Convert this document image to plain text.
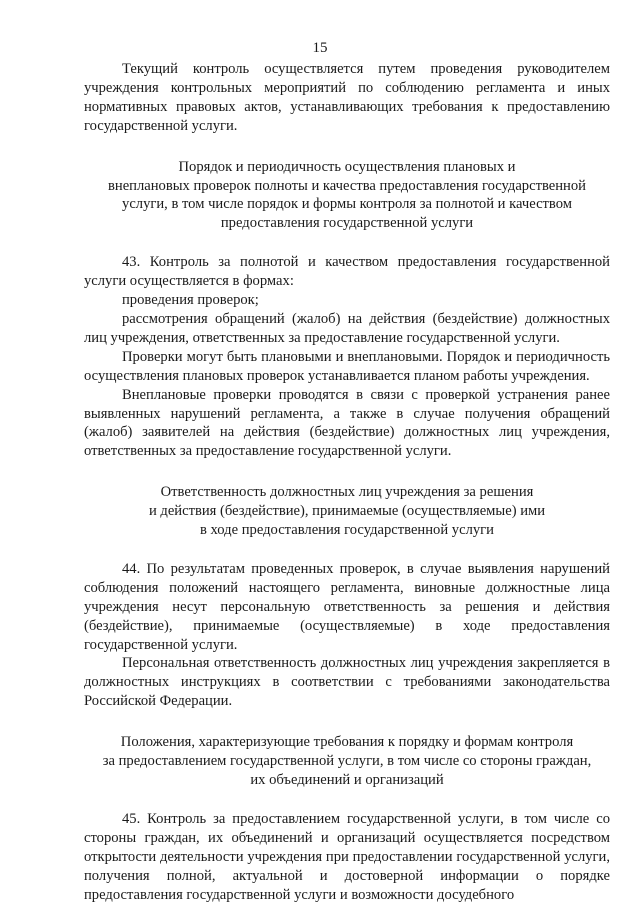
15

Текущий контроль осуществляется путем проведения руководителем учреждения контрольных мероприятий по соблюдению регламента и иных нормативных правовых актов, устанавливающих требования к предоставлению государственной услуги.

Порядок и периодичность осуществления плановых и
внеплановых проверок полноты и качества предоставления государственной
услуги, в том числе порядок и формы контроля за полнотой и качеством
предоставления государственной услуги

43. Контроль за полнотой и качеством предоставления государственной услуги осуществляется в формах:

проведения проверок;

рассмотрения обращений (жалоб) на действия (бездействие) должностных лиц учреждения, ответственных за предоставление государственной услуги.

Проверки могут быть плановыми и внеплановыми. Порядок и периодичность осуществления плановых проверок устанавливается планом работы учреждения.

Внеплановые проверки проводятся в связи с проверкой устранения ранее выявленных нарушений регламента, а также в случае получения обращений (жалоб) заявителей на действия (бездействие) должностных лиц учреждения, ответственных за предоставление государственной услуги.

Ответственность должностных лиц учреждения за решения
и действия (бездействие), принимаемые (осуществляемые) ими
в ходе предоставления государственной услуги

44. По результатам проведенных проверок, в случае выявления нарушений соблюдения положений настоящего регламента, виновные должностные лица учреждения несут персональную ответственность за решения и действия (бездействие), принимаемые (осуществляемые) в ходе предоставления государственной услуги.

Персональная ответственность должностных лиц учреждения закрепляется в должностных инструкциях в соответствии с требованиями законодательства Российской Федерации.

Положения, характеризующие требования к порядку и формам контроля
за предоставлением государственной услуги, в том числе со стороны граждан,
их объединений и организаций

45. Контроль за предоставлением государственной услуги, в том числе со стороны граждан, их объединений и организаций осуществляется посредством открытости деятельности учреждения при предоставлении государственной услуги, получения полной, актуальной и достоверной информации о порядке предоставления государственной услуги и возможности досудебного
